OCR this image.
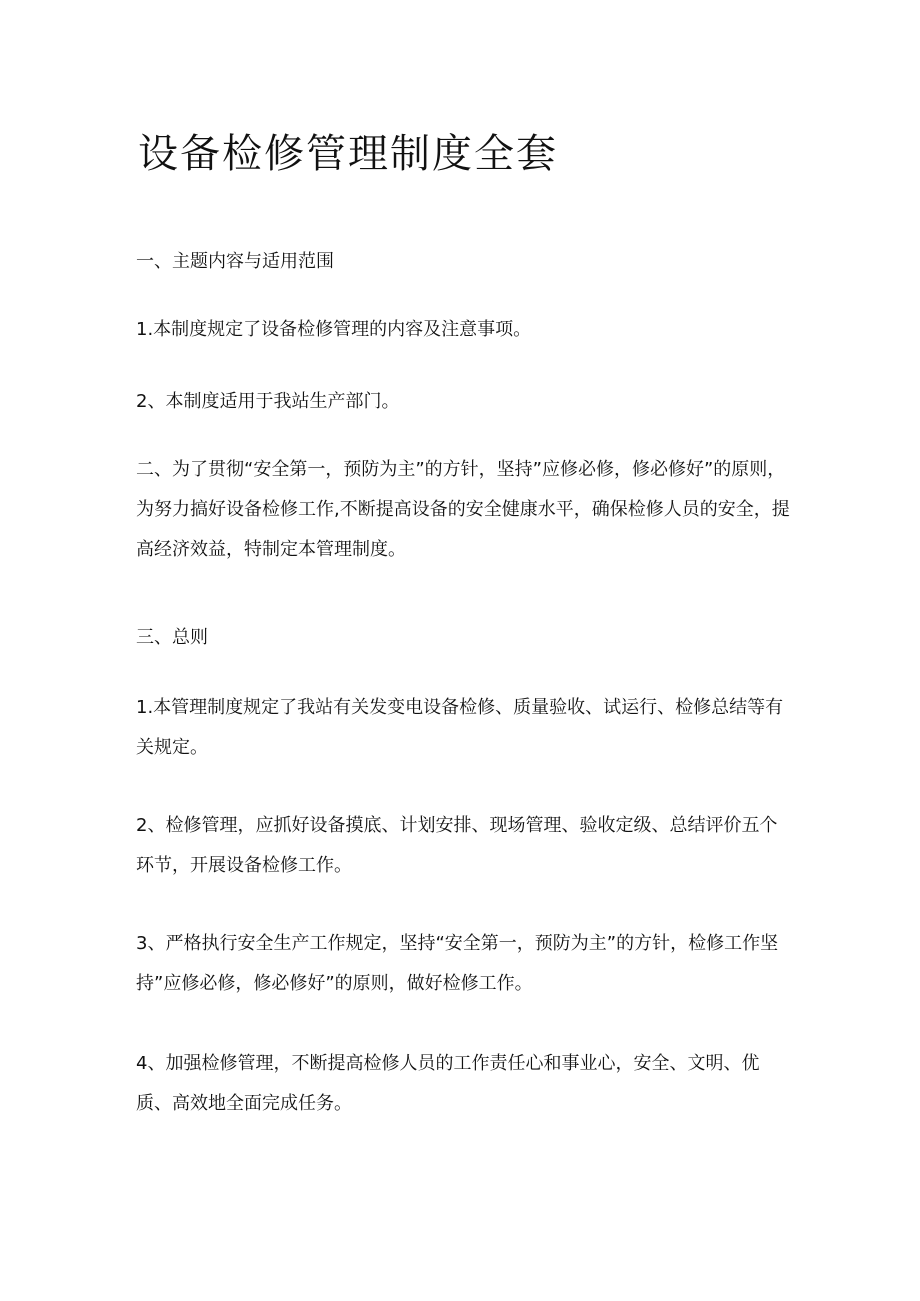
设备检修管理制度全套

一、主题内容与适用范围

1.本制度规定了设备检修管理的内容及注意事项。

2、本制度适用于我站生产部门。

二、为了贯彻“安全第一，预防为主”的方针，坚持”应修必修，修必修好”的原则，为努力搞好设备检修工作,不断提高设备的安全健康水平，确保检修人员的安全，提高经济效益，特制定本管理制度。

三、总则

1.本管理制度规定了我站有关发变电设备检修、质量验收、试运行、检修总结等有关规定。

2、检修管理，应抓好设备摸底、计划安排、现场管理、验收定级、总结评价五个环节，开展设备检修工作。

3、严格执行安全生产工作规定，坚持“安全第一，预防为主”的方针，检修工作坚持”应修必修，修必修好”的原则，做好检修工作。

4、加强检修管理，不断提高检修人员的工作责任心和事业心，安全、文明、优质、高效地全面完成任务。
